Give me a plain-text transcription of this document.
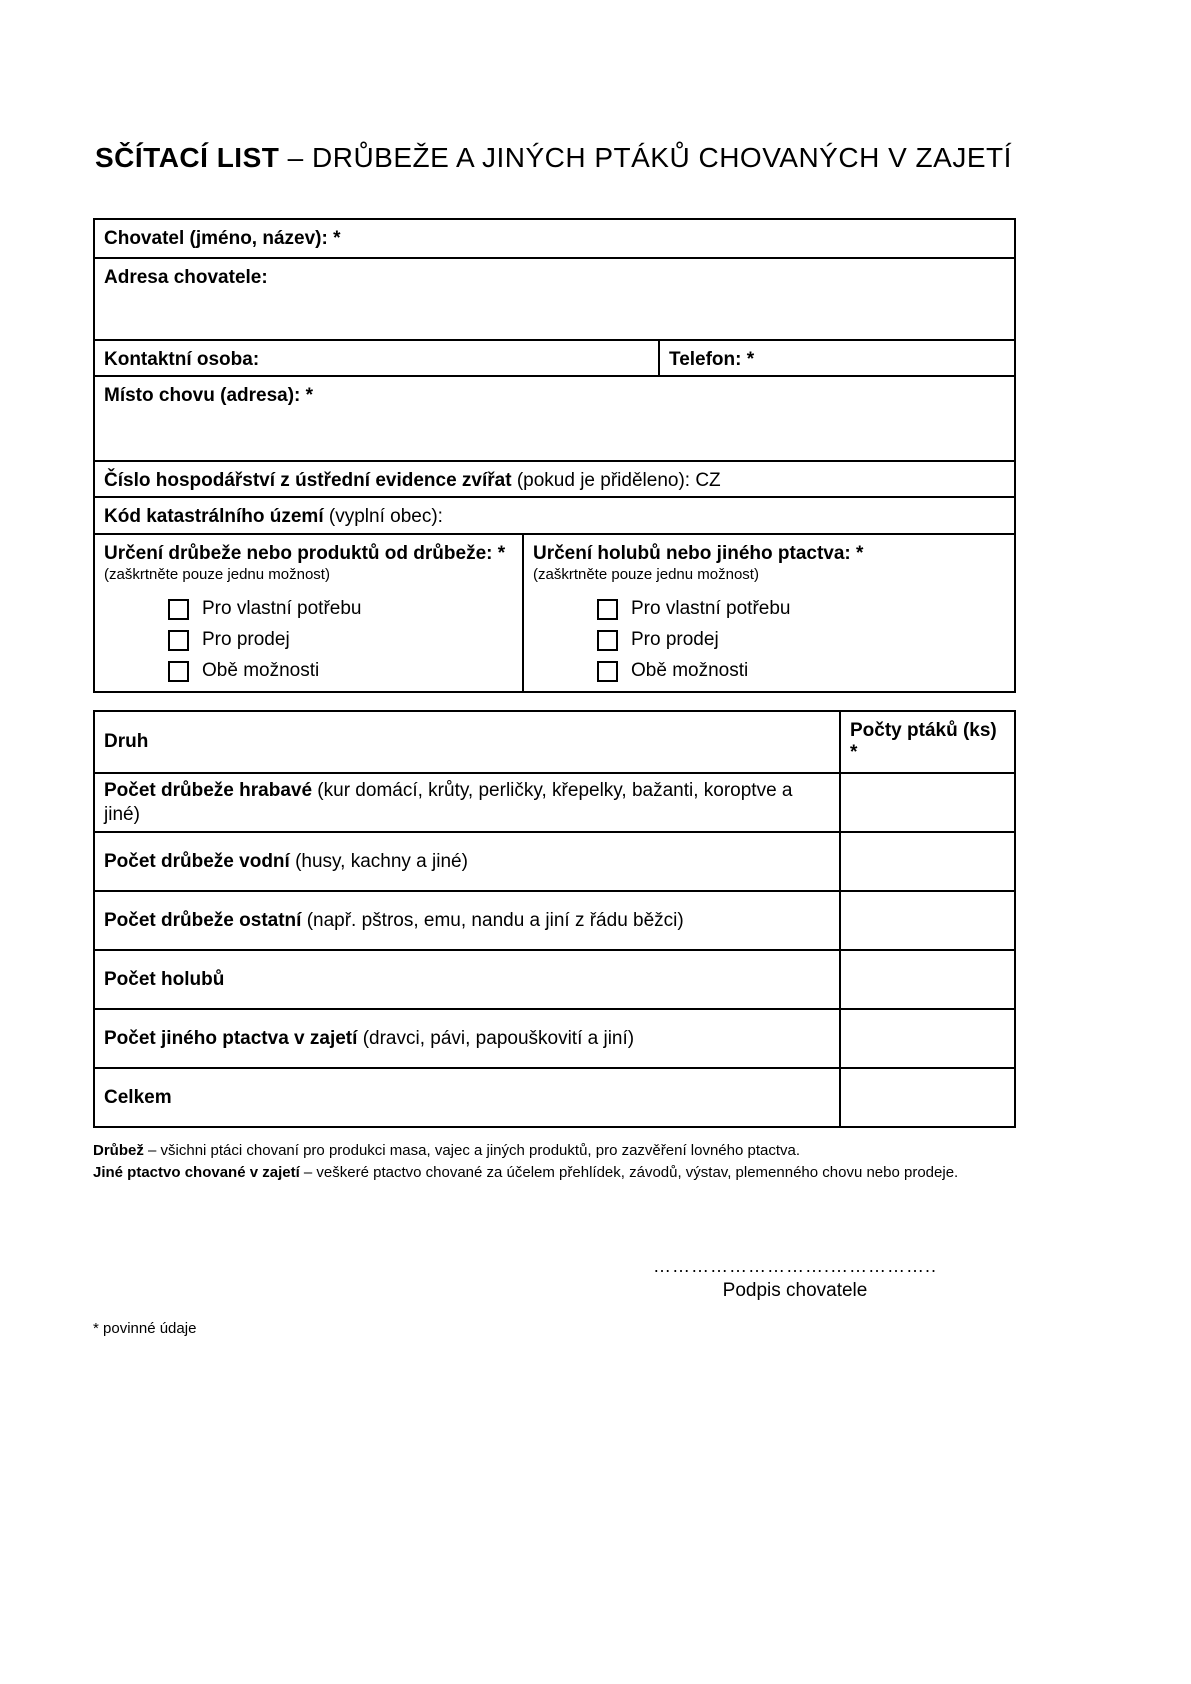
SČÍTACÍ LIST – DRŮBEŽE A JINÝCH PTÁKŮ CHOVANÝCH V ZAJETÍ
Chovatel (jméno, název): *
Adresa chovatele:
Kontaktní osoba:	Telefon: *
Místo chovu (adresa): *
Číslo hospodářství z ústřední evidence zvířat (pokud je přiděleno): CZ
Kód katastrálního území (vyplní obec):
Určení drůbeže nebo produktů od drůbeže: *
(zaškrtněte pouze jednu možnost)
Pro vlastní potřebu
Pro prodej
Obě možnosti
Určení holubů nebo jiného ptactva: *
(zaškrtněte pouze jednu možnost)
Pro vlastní potřebu
Pro prodej
Obě možnosti
Druh
Počty ptáků (ks) *
Počet drůbeže hrabavé (kur domácí, krůty, perličky, křepelky, bažanti, koroptve a jiné)
Počet drůbeže vodní (husy, kachny a jiné)
Počet drůbeže ostatní (např. pštros, emu, nandu a jiní z řádu běžci)
Počet holubů
Počet jiného ptactva v zajetí (dravci, pávi, papouškovití a jiní)
Celkem
Drůbež – všichni ptáci chovaní pro produkci masa, vajec a jiných produktů, pro zazvěření lovného ptactva.
Jiné ptactvo chované v zajetí – veškeré ptactvo chované za účelem přehlídek, závodů, výstav, plemenného chovu nebo prodeje.
……………………….……………..
Podpis chovatele
* povinné údaje
